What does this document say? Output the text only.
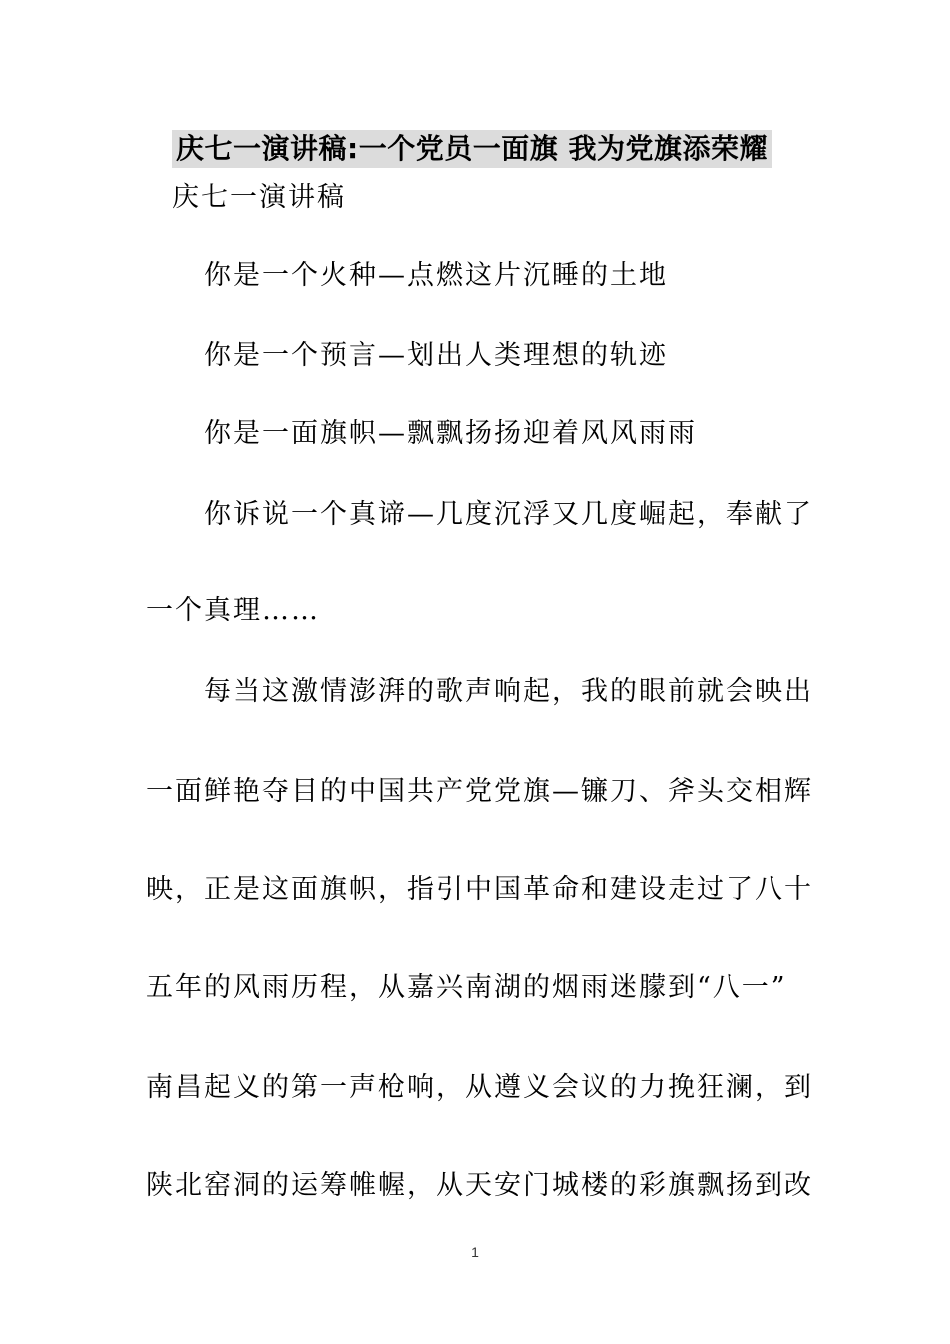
庆七一演讲稿:一个党员一面旗 我为党旗添荣耀
庆七一演讲稿
你是一个火种—点燃这片沉睡的土地
你是一个预言—划出人类理想的轨迹
你是一面旗帜—飘飘扬扬迎着风风雨雨
你诉说一个真谛—几度沉浮又几度崛起，奉献了
一个真理……
每当这激情澎湃的歌声响起，我的眼前就会映出
一面鲜艳夺目的中国共产党党旗—镰刀、斧头交相辉
映，正是这面旗帜，指引中国革命和建设走过了八十
五年的风雨历程，从嘉兴南湖的烟雨迷朦到“八一”
南昌起义的第一声枪响，从遵义会议的力挽狂澜，到
陕北窑洞的运筹帷幄，从天安门城楼的彩旗飘扬到改
1
